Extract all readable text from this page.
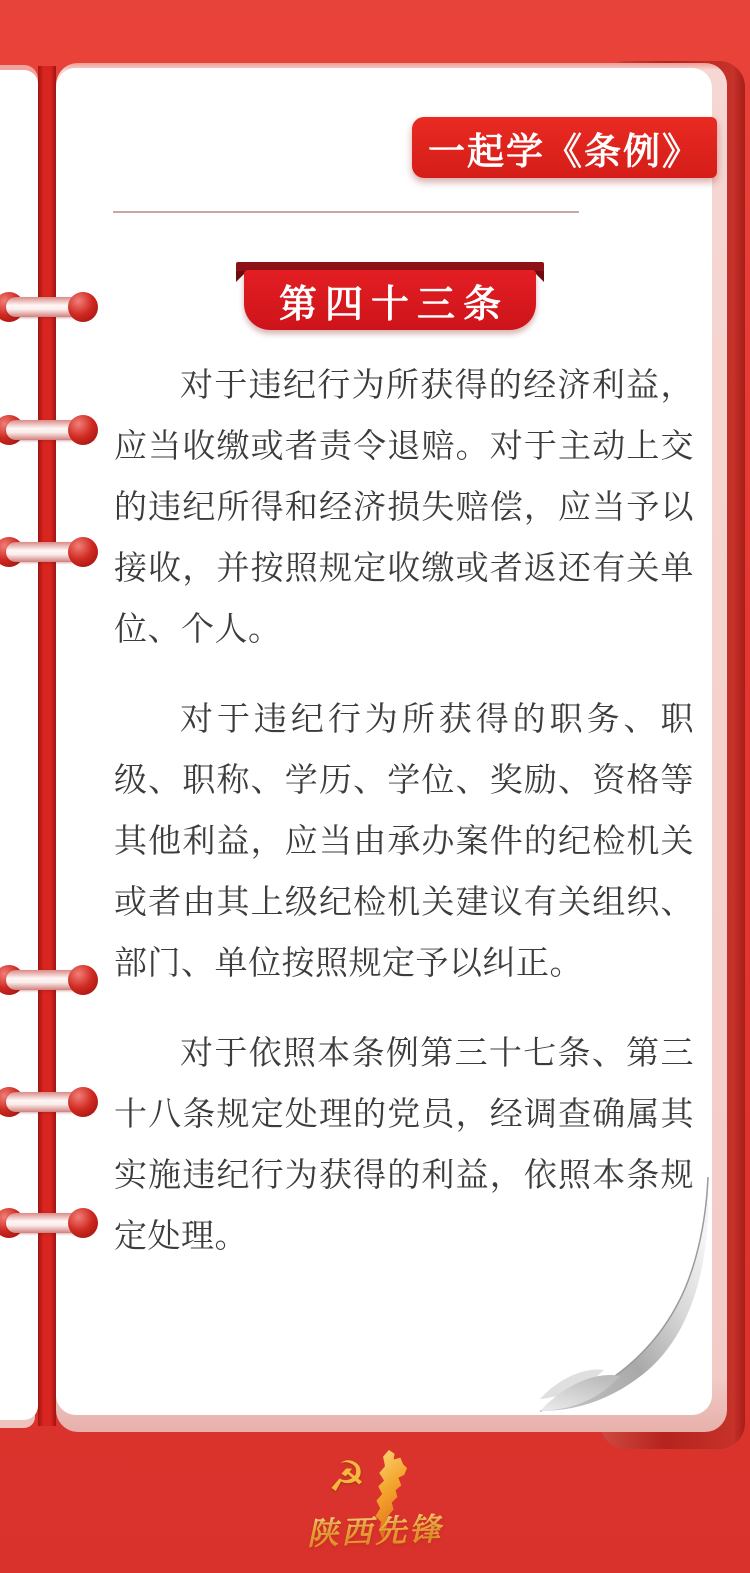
第四十三条

对于违纪行为所获得的经济利益，应当收缴或者责令退赔。对于主动上交的违纪所得和经济损失赔偿，应当予以接收，并按照规定收缴或者返还有关单位、个人。

对于违纪行为所获得的职务、职级、职称、学历、学位、奖励、资格等其他利益，应当由承办案件的纪检机关或者由其上级纪检机关建议有关组织、部门、单位按照规定予以纠正。

对于依照本条例第三十七条、第三十八条规定处理的党员，经调查确属其实施违纪行为获得的利益，依照本条规定处理。

一起学《条例》
☭
陕西先锋
